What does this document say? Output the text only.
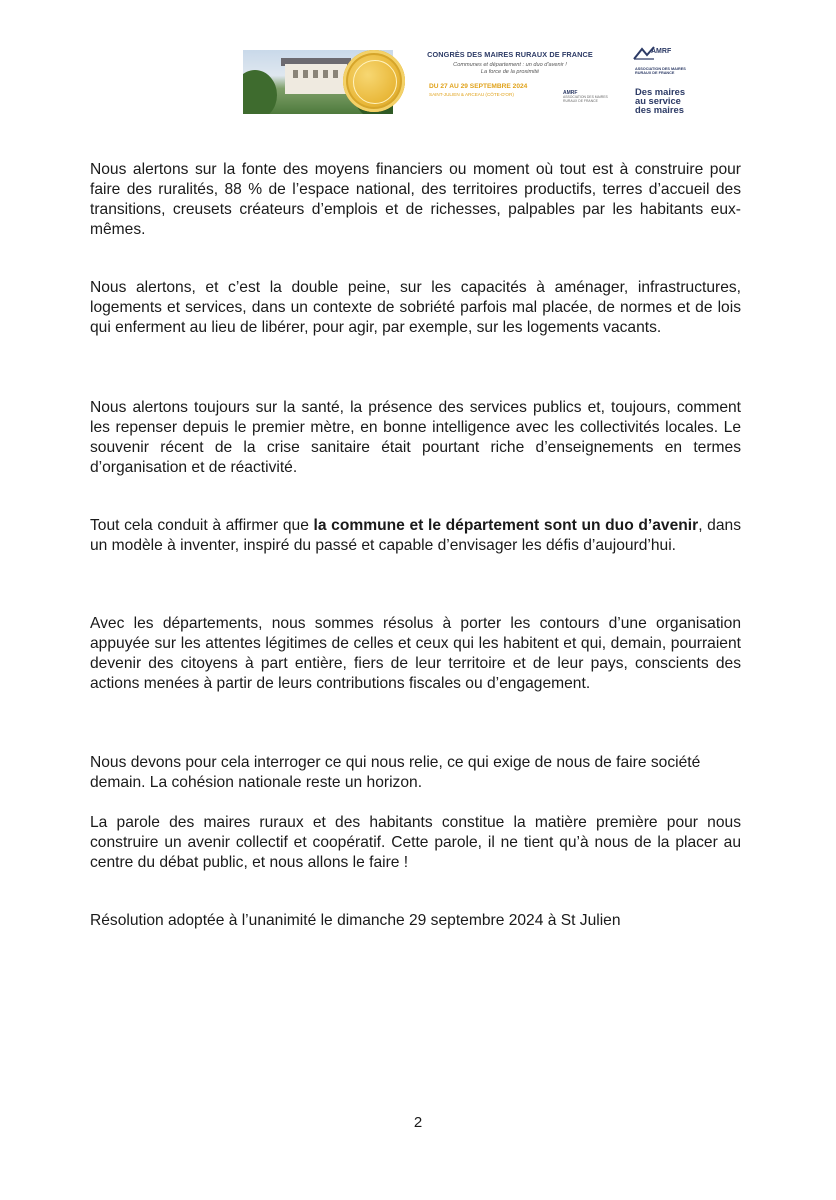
CONGRÈS DES MAIRES RURAUX DE FRANCE
Communes et département : un duo d'avenir !
La force de la proximité
DU 27 AU 29 SEPTEMBRE 2024
SAINT-JULIEN & ARCEAU (CÔTE-D'OR)	AMRF
ASSOCIATION DES MAIRES RURAUX DE FRANCE
AMRF
ASSOCIATION DES MAIRES RURAUX DE FRANCE
Des maires au service des maires

Nous alertons sur la fonte des moyens financiers ou moment où tout est à construire pour faire des ruralités, 88 % de l’espace national, des territoires productifs, terres d’accueil des transitions, creusets créateurs d’emplois et de richesses, palpables par les habitants eux-mêmes.

Nous alertons, et c’est la double peine, sur les capacités à aménager, infrastructures, logements et services, dans un contexte de sobriété parfois mal placée, de normes et de lois qui enferment au lieu de libérer, pour agir, par exemple, sur les logements vacants.

Nous alertons toujours sur la santé, la présence des services publics et, toujours, comment les repenser depuis le premier mètre, en bonne intelligence avec les collectivités locales. Le souvenir récent de la crise sanitaire était pourtant riche d’enseignements en termes d’organisation et de réactivité.

Tout cela conduit à affirmer que la commune et le département sont un duo d’avenir, dans un modèle à inventer, inspiré du passé et capable d’envisager les défis d’aujourd’hui.

Avec les départements, nous sommes résolus à porter les contours d’une organisation appuyée sur les attentes légitimes de celles et ceux qui les habitent et qui, demain, pourraient devenir des citoyens à part entière, fiers de leur territoire et de leur pays, conscients des actions menées à partir de leurs contributions fiscales ou d’engagement.

Nous devons pour cela interroger ce qui nous relie, ce qui exige de nous de faire société demain. La cohésion nationale reste un horizon.

La parole des maires ruraux et des habitants constitue la matière première pour nous construire un avenir collectif et coopératif. Cette parole, il ne tient qu’à nous de la placer au centre du débat public, et nous allons le faire !

Résolution adoptée à l’unanimité le dimanche 29 septembre 2024 à St Julien

2
